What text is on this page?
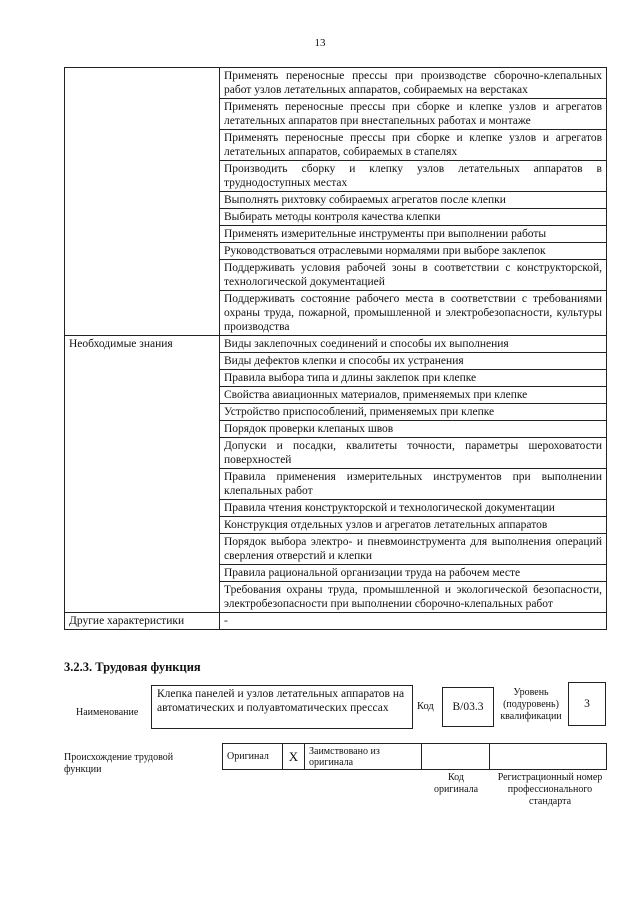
13
	Применять переносные прессы при производстве сборочно-клепальных работ узлов летательных аппаратов, собираемых на верстаках
	Применять переносные прессы при сборке и клепке узлов и агрегатов летательных аппаратов при внестапельных работах и монтаже
	Применять переносные прессы при сборке и клепке узлов и агрегатов летательных аппаратов, собираемых в стапелях
	Производить сборку и клепку узлов летательных аппаратов в труднодоступных местах
	Выполнять рихтовку собираемых агрегатов после клепки
	Выбирать методы контроля качества клепки
	Применять измерительные инструменты при выполнении работы
	Руководствоваться отраслевыми нормалями при выборе заклепок
	Поддерживать условия рабочей зоны в соответствии с конструкторской, технологической документацией
	Поддерживать состояние рабочего места в соответствии с требованиями охраны труда, пожарной, промышленной и электробезопасности, культуры производства
Необходимые знания	Виды заклепочных соединений и способы их выполнения
	Виды дефектов клепки и способы их устранения
	Правила выбора типа и длины заклепок при клепке
	Свойства авиационных материалов, применяемых при клепке
	Устройство приспособлений, применяемых при клепке
	Порядок проверки клепаных швов
	Допуски и посадки, квалитеты точности, параметры шероховатости поверхностей
	Правила применения измерительных инструментов при выполнении клепальных работ
	Правила чтения конструкторской и технологической документации
	Конструкция отдельных узлов и агрегатов летательных аппаратов
	Порядок выбора электро- и пневмоинструмента для выполнения операций сверления отверстий и клепки
	Правила рациональной организации труда на рабочем месте
	Требования охраны труда, промышленной и экологической безопасности, электробезопасности при выполнении сборочно-клепальных работ
Другие характеристики	-
3.2.3. Трудовая функция
Наименование
Клепка панелей и узлов летательных аппаратов на автоматических и полуавтоматических прессах	Код	B/03.3
Уровень (подуровень) квалификации
3
Происхождение трудовой функции
Оригинал	X	Заимствовано из оригинала		
Код оригинала
Регистрационный номер профессионального стандарта
